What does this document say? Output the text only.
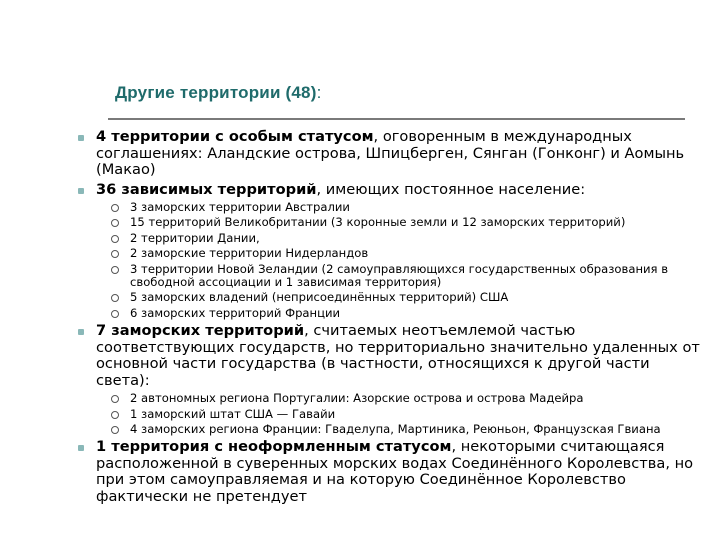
Другие территории (48):
4 территории с особым статусом, оговоренным в международных соглашениях: Аландские острова, Шпицберген, Сянган (Гонконг) и Аомынь (Макао)
36 зависимых территорий, имеющих постоянное население:
3 заморских территории Австралии
15 территорий Великобритании (3 коронные земли и 12 заморских территорий)
2 территории Дании,
2 заморские территории Нидерландов
3 территории Новой Зеландии (2 самоуправляющихся государственных образования в свободной ассоциации и 1 зависимая территория)
5 заморских владений (неприсоединённых территорий) США
6 заморских территорий Франции
7 заморских территорий, считаемых неотъемлемой частью соответствующих государств, но территориально значительно удаленных от основной части государства (в частности, относящихся к другой части света):
2 автономных региона Португалии: Азорские острова и острова Мадейра
1 заморский штат США — Гавайи
4 заморских региона Франции: Гваделупа, Мартиника, Реюньон, Французская Гвиана
1 территория с неоформленным статусом, некоторыми считающаяся расположенной в суверенных морских водах Соединённого Королевства, но при этом самоуправляемая и на которую Соединённое Королевство фактически не претендует
